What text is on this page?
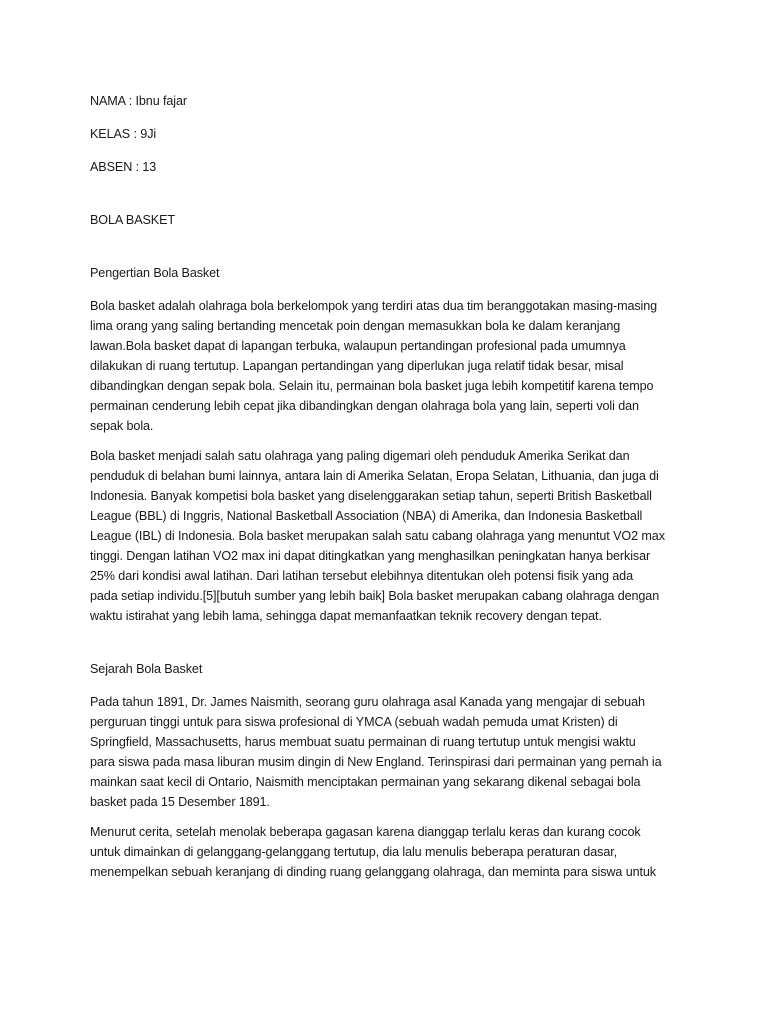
NAMA : Ibnu fajar

KELAS : 9Ji

ABSEN : 13

BOLA BASKET

Pengertian Bola Basket

Bola basket adalah olahraga bola berkelompok yang terdiri atas dua tim beranggotakan masing-masing
lima orang yang saling bertanding mencetak poin dengan memasukkan bola ke dalam keranjang
lawan.Bola basket dapat di lapangan terbuka, walaupun pertandingan profesional pada umumnya
dilakukan di ruang tertutup. Lapangan pertandingan yang diperlukan juga relatif tidak besar, misal
dibandingkan dengan sepak bola. Selain itu, permainan bola basket juga lebih kompetitif karena tempo
permainan cenderung lebih cepat jika dibandingkan dengan olahraga bola yang lain, seperti voli dan
sepak bola.

Bola basket menjadi salah satu olahraga yang paling digemari oleh penduduk Amerika Serikat dan
penduduk di belahan bumi lainnya, antara lain di Amerika Selatan, Eropa Selatan, Lithuania, dan juga di
Indonesia. Banyak kompetisi bola basket yang diselenggarakan setiap tahun, seperti British Basketball
League (BBL) di Inggris, National Basketball Association (NBA) di Amerika, dan Indonesia Basketball
League (IBL) di Indonesia. Bola basket merupakan salah satu cabang olahraga yang menuntut VO2 max
tinggi. Dengan latihan VO2 max ini dapat ditingkatkan yang menghasilkan peningkatan hanya berkisar
25% dari kondisi awal latihan. Dari latihan tersebut elebihnya ditentukan oleh potensi fisik yang ada
pada setiap individu.[5][butuh sumber yang lebih baik] Bola basket merupakan cabang olahraga dengan
waktu istirahat yang lebih lama, sehingga dapat memanfaatkan teknik recovery dengan tepat.

Sejarah Bola Basket

Pada tahun 1891, Dr. James Naismith, seorang guru olahraga asal Kanada yang mengajar di sebuah
perguruan tinggi untuk para siswa profesional di YMCA (sebuah wadah pemuda umat Kristen) di
Springfield, Massachusetts, harus membuat suatu permainan di ruang tertutup untuk mengisi waktu
para siswa pada masa liburan musim dingin di New England. Terinspirasi dari permainan yang pernah ia
mainkan saat kecil di Ontario, Naismith menciptakan permainan yang sekarang dikenal sebagai bola
basket pada 15 Desember 1891.

Menurut cerita, setelah menolak beberapa gagasan karena dianggap terlalu keras dan kurang cocok
untuk dimainkan di gelanggang-gelanggang tertutup, dia lalu menulis beberapa peraturan dasar,
menempelkan sebuah keranjang di dinding ruang gelanggang olahraga, dan meminta para siswa untuk
